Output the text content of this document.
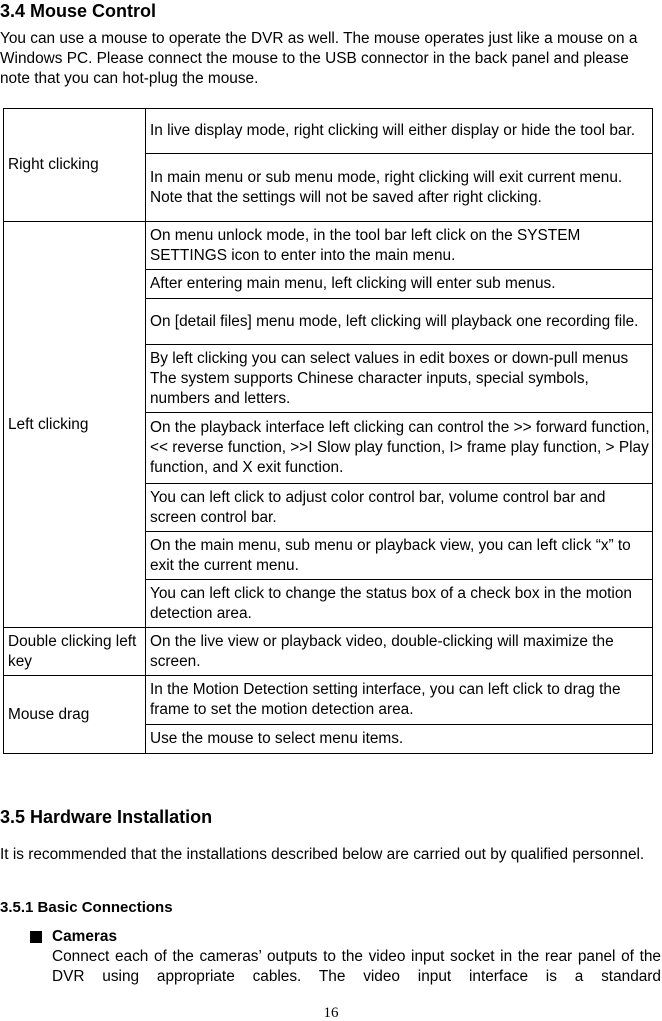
3.4 Mouse Control

You can use a mouse to operate the DVR as well. The mouse operates just like a mouse on a Windows PC. Please connect the mouse to the USB connector in the back panel and please note that you can hot-plug the mouse.

Right clicking	In live display mode, right clicking will either display or hide the tool bar.
	In main menu or sub menu mode, right clicking will exit current menu. Note that the settings will not be saved after right clicking.
Left clicking	On menu unlock mode, in the tool bar left click on the SYSTEM SETTINGS icon to enter into the main menu.
	After entering main menu, left clicking will enter sub menus.
	On [detail files] menu mode, left clicking will playback one recording file.
	By left clicking you can select values in edit boxes or down-pull menus The system supports Chinese character inputs, special symbols, numbers and letters.
	On the playback interface left clicking can control the >> forward function, << reverse function, >>I Slow play function, I> frame play function, > Play function, and X exit function.
	You can left click to adjust color control bar, volume control bar and screen control bar.
	On the main menu, sub menu or playback view, you can left click “x” to exit the current menu.
	You can left click to change the status box of a check box in the motion detection area.
Double clicking left key	On the live view or playback video, double-clicking will maximize the screen.
Mouse drag	In the Motion Detection setting interface, you can left click to drag the frame to set the motion detection area.
	Use the mouse to select menu items.
3.5 Hardware Installation

It is recommended that the installations described below are carried out by qualified personnel.

3.5.1 Basic Connections

Cameras

Connect each of the cameras’ outputs to the video input socket in the rear panel of the DVR using appropriate cables. The video input interface is a standard

16
